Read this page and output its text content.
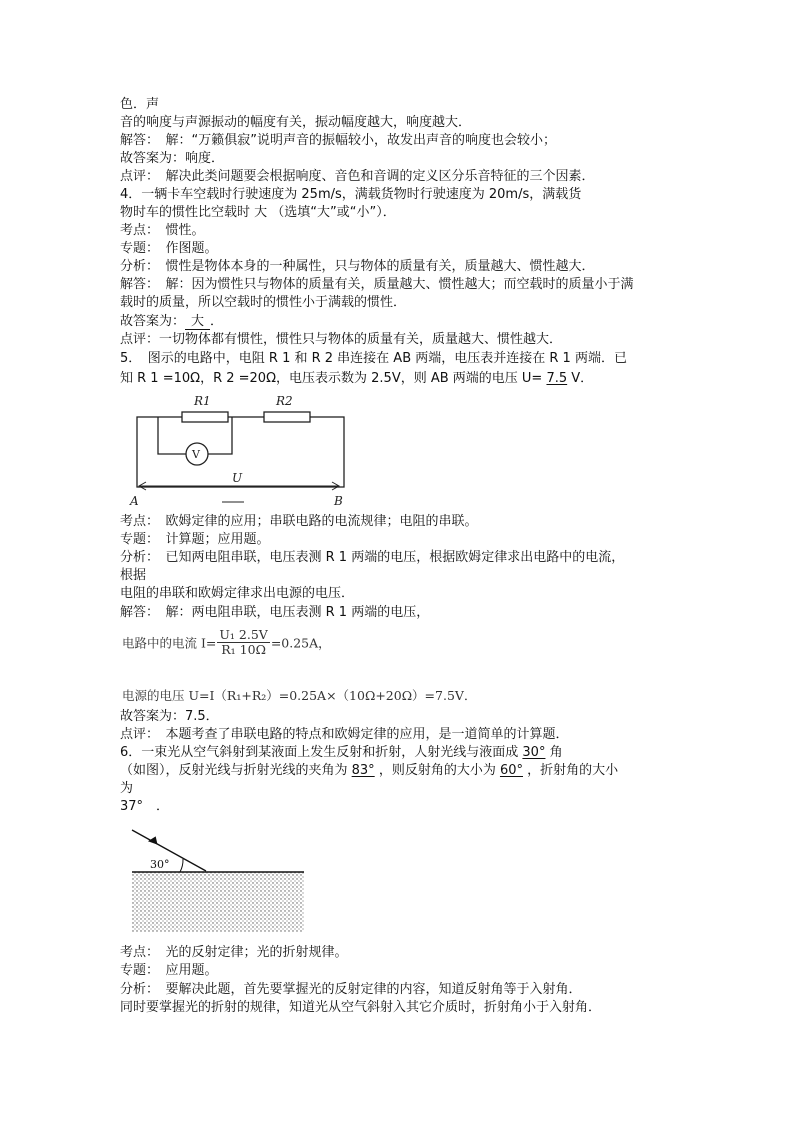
色．声
音的响度与声源振动的幅度有关，振动幅度越大，响度越大．
解答：　解：“万籁俱寂”说明声音的振幅较小，故发出声音的响度也会较小；
故答案为：响度．
点评：　解决此类问题要会根据响度、音色和音调的定义区分乐音特征的三个因素．
4．一辆卡车空载时行驶速度为 25m/s，满载货物时行驶速度为 20m/s，满载货
物时车的惯性比空载时 大 （选填“大”或“小”）．
考点：　惯性。
专题：　作图题。
分析：　惯性是物体本身的一种属性，只与物体的质量有关，质量越大、惯性越大．
解答：　解：因为惯性只与物体的质量有关，质量越大、惯性越大；而空载时的质量小于满
载时的质量，所以空载时的惯性小于满载的惯性．
故答案为： 大 ．
点评：一切物体都有惯性，惯性只与物体的质量有关，质量越大、惯性越大．
5．　图示的电路中，电阻 R 1 和 R 2 串连接在 AB 两端，电压表并连接在 R 1 两端．已
知 R 1 =10Ω，R 2 =20Ω，电压表示数为 2.5V，则 AB 两端的电压 U= 7.5 V．
R1	R2
V
U
A	B
考点：　欧姆定律的应用；串联电路的电流规律；电阻的串联。
专题：　计算题；应用题。
分析：　已知两电阻串联，电压表测 R 1 两端的电压，根据欧姆定律求出电路中的电流，
根据
电阻的串联和欧姆定律求出电源的电压．
解答：　解：两电阻串联，电压表测 R 1 两端的电压，
电路中的电流 $I= \frac{\text{U₁ 2.5V}}{\text{R₁ 10Ω}} =0.25A$，
电源的电压 U=I（R₁+R₂）=0.25A×（10Ω+20Ω）=7.5V．
故答案为：7.5．
点评：　本题考查了串联电路的特点和欧姆定律的应用，是一道简单的计算题．
6．一束光从空气斜射到某液面上发生反射和折射，人射光线与液面成 30° 角
（如图），反射光线与折射光线的夹角为 83° ，则反射角的大小为 60° ，折射角的大小
为
37°　．
30°
考点：　光的反射定律；光的折射规律。
专题：　应用题。
分析：　要解决此题，首先要掌握光的反射定律的内容，知道反射角等于入射角．
同时要掌握光的折射的规律，知道光从空气斜射入其它介质时，折射角小于入射角．
